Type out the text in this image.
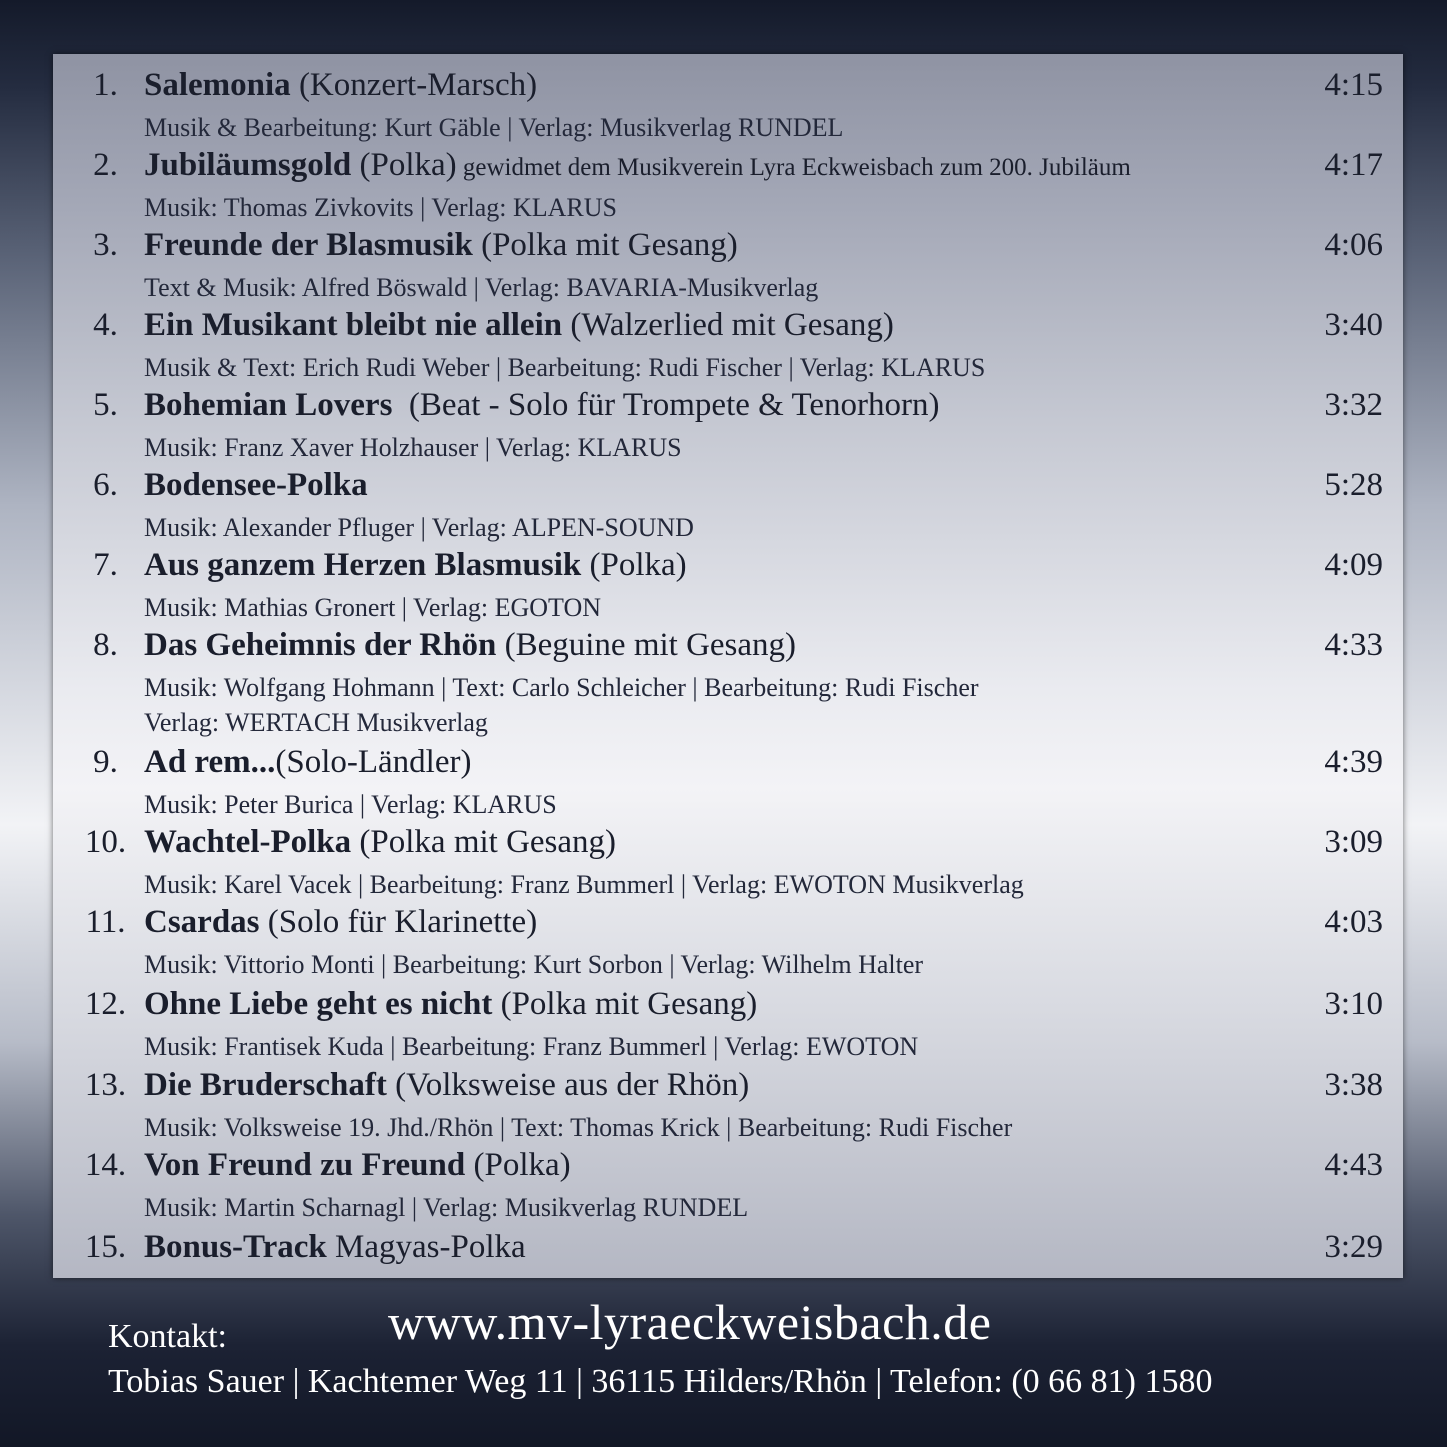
1. Salemonia (Konzert-Marsch)	4:15
Musik & Bearbeitung: Kurt Gäble | Verlag: Musikverlag RUNDEL
2. Jubiläumsgold (Polka) gewidmet dem Musikverein Lyra Eckweisbach zum 200. Jubiläum	4:17
Musik: Thomas Zivkovits | Verlag: KLARUS
3. Freunde der Blasmusik (Polka mit Gesang)	4:06
Text & Musik: Alfred Böswald | Verlag: BAVARIA-Musikverlag
4. Ein Musikant bleibt nie allein (Walzerlied mit Gesang)	3:40
Musik & Text: Erich Rudi Weber | Bearbeitung: Rudi Fischer | Verlag: KLARUS
5. Bohemian Lovers  (Beat - Solo für Trompete & Tenorhorn)	3:32
Musik: Franz Xaver Holzhauser | Verlag: KLARUS
6. Bodensee-Polka	5:28
Musik: Alexander Pfluger | Verlag: ALPEN-SOUND
7. Aus ganzem Herzen Blasmusik (Polka)	4:09
Musik: Mathias Gronert | Verlag: EGOTON
8. Das Geheimnis der Rhön (Beguine mit Gesang)	4:33
Musik: Wolfgang Hohmann | Text: Carlo Schleicher | Bearbeitung: Rudi Fischer
Verlag: WERTACH Musikverlag
9. Ad rem...(Solo-Ländler)	4:39
Musik: Peter Burica | Verlag: KLARUS
10. Wachtel-Polka (Polka mit Gesang)	3:09
Musik: Karel Vacek | Bearbeitung: Franz Bummerl | Verlag: EWOTON Musikverlag
11. Csardas (Solo für Klarinette)	4:03
Musik: Vittorio Monti | Bearbeitung: Kurt Sorbon | Verlag: Wilhelm Halter
12. Ohne Liebe geht es nicht (Polka mit Gesang)	3:10
Musik: Frantisek Kuda | Bearbeitung: Franz Bummerl | Verlag: EWOTON
13. Die Bruderschaft (Volksweise aus der Rhön)	3:38
Musik: Volksweise 19. Jhd./Rhön | Text: Thomas Krick | Bearbeitung: Rudi Fischer
14. Von Freund zu Freund (Polka)	4:43
Musik: Martin Scharnagl | Verlag: Musikverlag RUNDEL
15. Bonus-Track Magyas-Polka	3:29
www.mv-lyraeckweisbach.de
Kontakt:
Tobias Sauer | Kachtemer Weg 11 | 36115 Hilders/Rhön | Telefon: (0 66 81) 1580
